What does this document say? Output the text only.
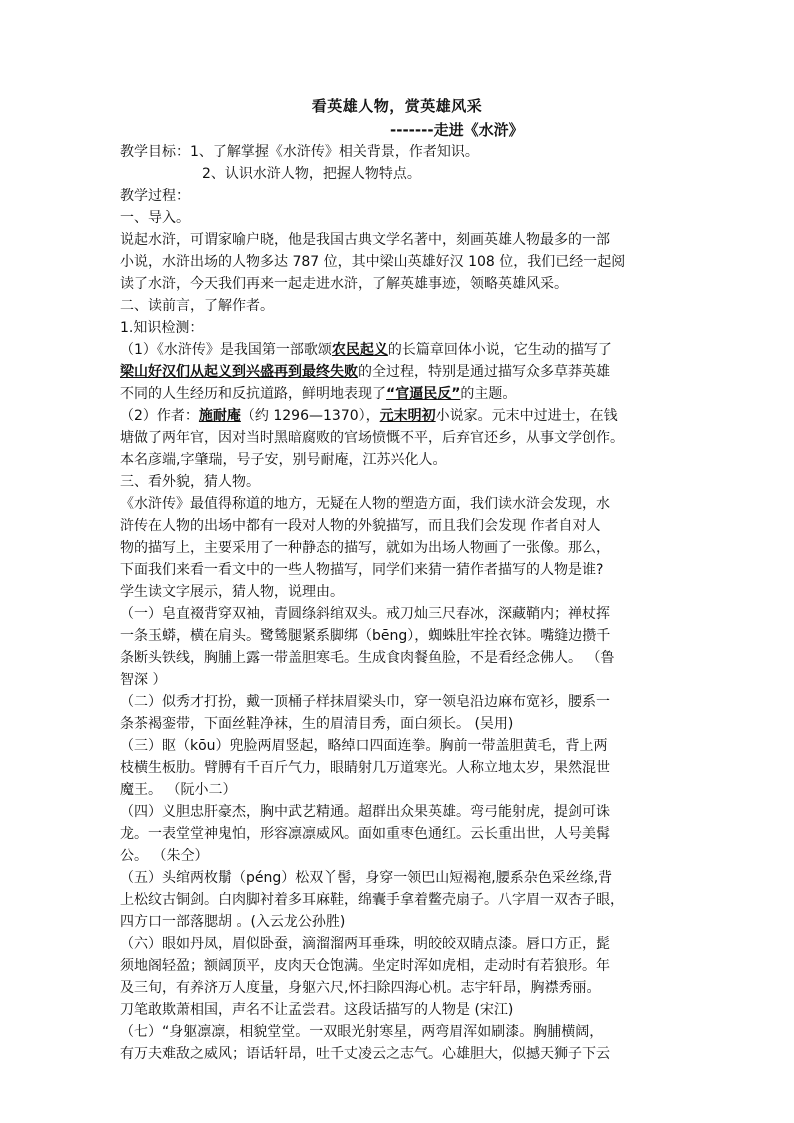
看英雄人物，赏英雄风采
-------走进《水浒》
教学目标：1、了解掌握《水浒传》相关背景，作者知识。
2、认识水浒人物，把握人物特点。
教学过程：
一、导入。
说起水浒，可谓家喻户晓，他是我国古典文学名著中，刻画英雄人物最多的一部
小说，水浒出场的人物多达 787 位，其中梁山英雄好汉 108 位，我们已经一起阅
读了水浒，今天我们再来一起走进水浒，了解英雄事迹，领略英雄风采。
二、读前言，了解作者。
1.知识检测：
（1）《水浒传》是我国第一部歌颂农民起义的长篇章回体小说，它生动的描写了
梁山好汉们从起义到兴盛再到最终失败的全过程，特别是通过描写众多草莽英雄
不同的人生经历和反抗道路，鲜明地表现了“官逼民反”的主题。
（2）作者：施耐庵（约 1296—1370），元末明初小说家。元末中过进士，在钱
塘做了两年官，因对当时黑暗腐败的官场愤慨不平，后弃官还乡，从事文学创作。
本名彦端,字肇瑞，号子安，别号耐庵，江苏兴化人。
三、看外貌，猜人物。
《水浒传》最值得称道的地方，无疑在人物的塑造方面，我们读水浒会发现，水
浒传在人物的出场中都有一段对人物的外貌描写，而且我们会发现 作者自对人
物的描写上，主要采用了一种静态的描写，就如为出场人物画了一张像。那么，
下面我们来看一看文中的一些人物描写，同学们来猜一猜作者描写的人物是谁?
学生读文字展示，猜人物，说理由。
（一）皂直裰背穿双袖，青圆绦斜绾双头。戒刀灿三尺春冰，深藏鞘内；禅杖挥
一条玉蟒，横在肩头。鹭鸶腿紧系脚绑（bēng），蜘蛛肚牢拴衣钵。嘴缝边攒千
条断头铁线，胸脯上露一带盖胆寒毛。生成食肉餐鱼脸，不是看经念佛人。 （鲁
智深 ）
（二）似秀才打扮，戴一顶桶子样抹眉梁头巾，穿一领皂沿边麻布宽衫，腰系一
条茶褐銮带，下面丝鞋净袜，生的眉清目秀，面白须长。 (吴用)
（三）眍（kōu）兜脸两眉竖起，略绰口四面连拳。胸前一带盖胆黄毛，背上两
枝横生板肋。臂膊有千百斤气力，眼睛射几万道寒光。人称立地太岁，果然混世
魔王。 （阮小二）
（四）义胆忠肝豪杰，胸中武艺精通。超群出众果英雄。弯弓能射虎，提剑可诛
龙。一表堂堂神鬼怕，形容凛凛威风。面如重枣色通红。云长重出世，人号美髯
公。 （朱仝）
（五）头绾两枚鬅（péng）松双丫髻，身穿一领巴山短褐袍,腰系杂色采丝绦,背
上松纹古铜剑。白肉脚衬着多耳麻鞋，绵囊手拿着鳖壳扇子。八字眉一双杏子眼，
四方口一部落腮胡 。(入云龙公孙胜)
（六）眼如丹凤，眉似卧蚕，滴溜溜两耳垂珠，明皎皎双睛点漆。唇口方正，髭
须地阁轻盈；额阔顶平，皮肉天仓饱满。坐定时浑如虎相，走动时有若狼形。年
及三旬，有养济万人度量，身躯六尺,怀扫除四海心机。志宇轩昂，胸襟秀丽。
刀笔敢欺萧相国，声名不让孟尝君。这段话描写的人物是 (宋江)
（七）“身躯凛凛，相貌堂堂。一双眼光射寒星，两弯眉浑如刷漆。胸脯横阔，
有万夫难敌之威风；语话轩昂，吐千丈凌云之志气。心雄胆大，似撼天狮子下云
